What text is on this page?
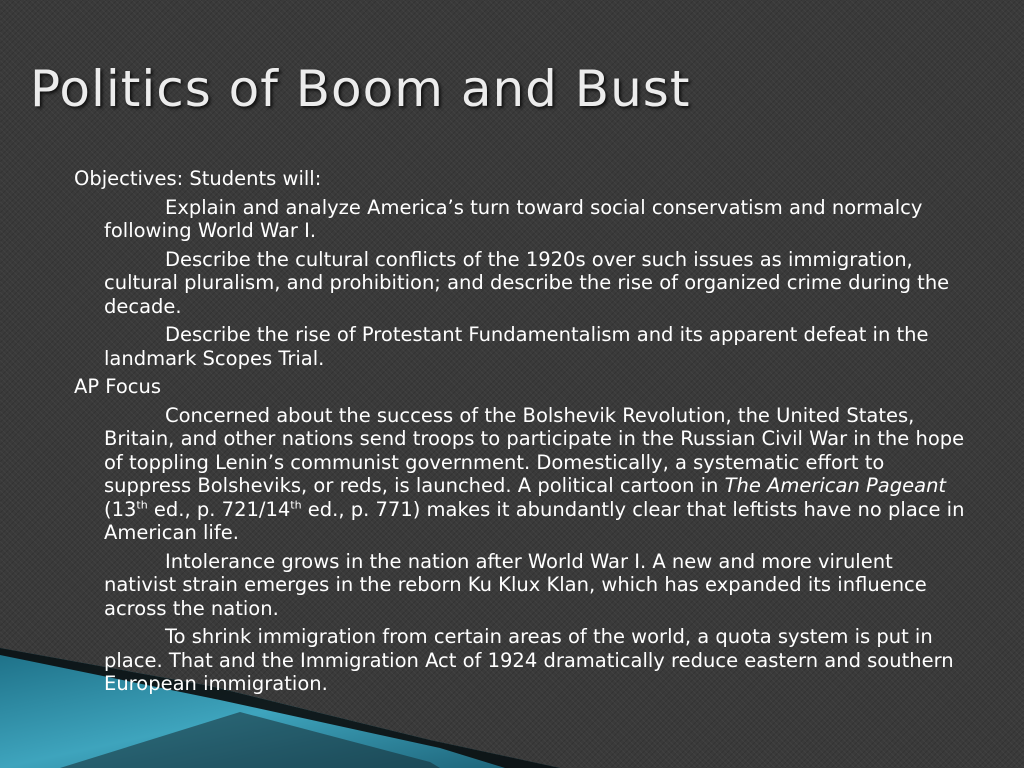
Politics of Boom and Bust

Objectives: Students will:

Explain and analyze America’s turn toward social conservatism and normalcy following World War I.

Describe the cultural conflicts of the 1920s over such issues as immigration, cultural pluralism, and prohibition; and describe the rise of organized crime during the decade.

Describe the rise of Protestant Fundamentalism and its apparent defeat in the landmark Scopes Trial.

AP Focus

Concerned about the success of the Bolshevik Revolution, the United States, Britain, and other nations send troops to participate in the Russian Civil War in the hope of toppling Lenin’s communist government. Domestically, a systematic effort to suppress Bolsheviks, or reds, is launched. A political cartoon in The American Pageant (13th ed., p. 721/14th ed., p. 771) makes it abundantly clear that leftists have no place in American life.

Intolerance grows in the nation after World War I. A new and more virulent nativist strain emerges in the reborn Ku Klux Klan, which has expanded its influence across the nation.

To shrink immigration from certain areas of the world, a quota system is put in place. That and the Immigration Act of 1924 dramatically reduce eastern and southern European immigration.
